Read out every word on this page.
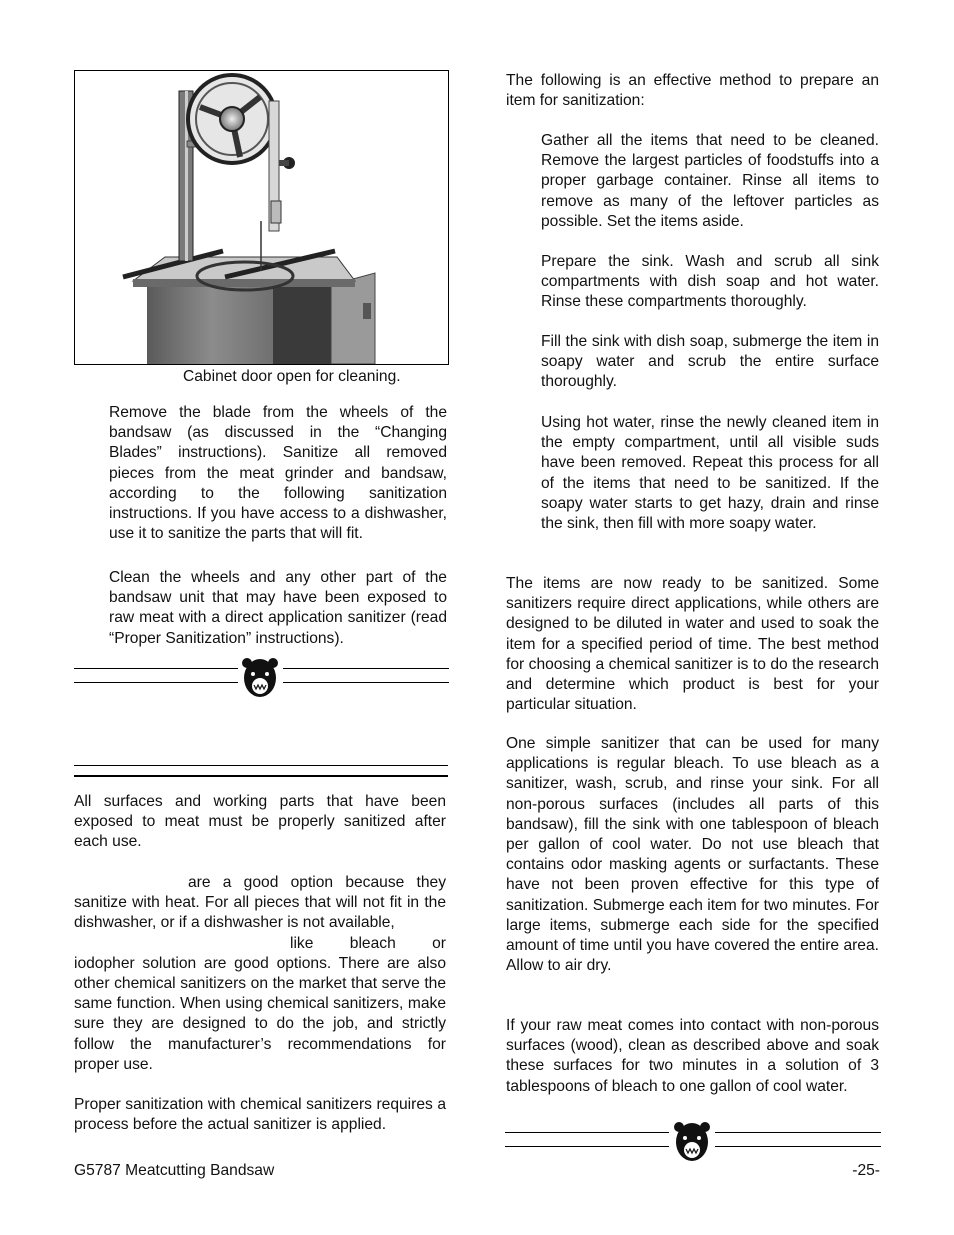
Cabinet door open for cleaning.

Remove the blade from the wheels of the bandsaw (as discussed in the “Changing Blades” instructions). Sanitize all removed pieces from the meat grinder and bandsaw, according to the following sanitization instructions. If you have access to a dishwasher, use it to sanitize the parts that will fit.

Clean the wheels and any other part of the bandsaw unit that may have been exposed to raw meat with a direct application sanitizer (read “Proper Sanitization” instructions).

All surfaces and working parts that have been exposed to meat must be properly sanitized after each use.

are a good option because they sanitize with heat. For all pieces that will not fit in the dishwasher, or if a dishwasher is not available,

like bleach or iodopher solution are good options. There are also other chemical sanitizers on the market that serve the same function. When using chemical sanitizers, make sure they are designed to do the job, and strictly follow the manufacturer’s recommendations for proper use.

Proper sanitization with chemical sanitizers requires a process before the actual sanitizer is applied.

The following is an effective method to prepare an item for sanitization:

Gather all the items that need to be cleaned. Remove the largest particles of foodstuffs into a proper garbage container. Rinse all items to remove as many of the leftover particles as possible. Set the items aside.

Prepare the sink. Wash and scrub all sink compartments with dish soap and hot water. Rinse these compartments thoroughly.

Fill the sink with dish soap, submerge the item in soapy water and scrub the entire surface thoroughly.

Using hot water, rinse the newly cleaned item in the empty compartment, until all visible suds have been removed. Repeat this process for all of the items that need to be sanitized. If the soapy water starts to get hazy, drain and rinse the sink, then fill with more soapy water.

The items are now ready to be sanitized. Some sanitizers require direct applications, while others are designed to be diluted in water and used to soak the item for a specified period of time. The best method for choosing a chemical sanitizer is to do the research and determine which product is best for your particular situation.

One simple sanitizer that can be used for many applications is regular bleach. To use bleach as a sanitizer, wash, scrub, and rinse your sink. For all non-porous surfaces (includes all parts of this bandsaw), fill the sink with one tablespoon of bleach per gallon of cool water. Do not use bleach that contains odor masking agents or surfactants. These have not been proven effective for this type of sanitization. Submerge each item for two minutes. For large items, submerge each side for the specified amount of time until you have covered the entire area. Allow to air dry.

If your raw meat comes into contact with non-porous surfaces (wood), clean as described above and soak these surfaces for two minutes in a solution of 3 tablespoons of bleach to one gallon of cool water.

G5787 Meatcutting Bandsaw	-25-
